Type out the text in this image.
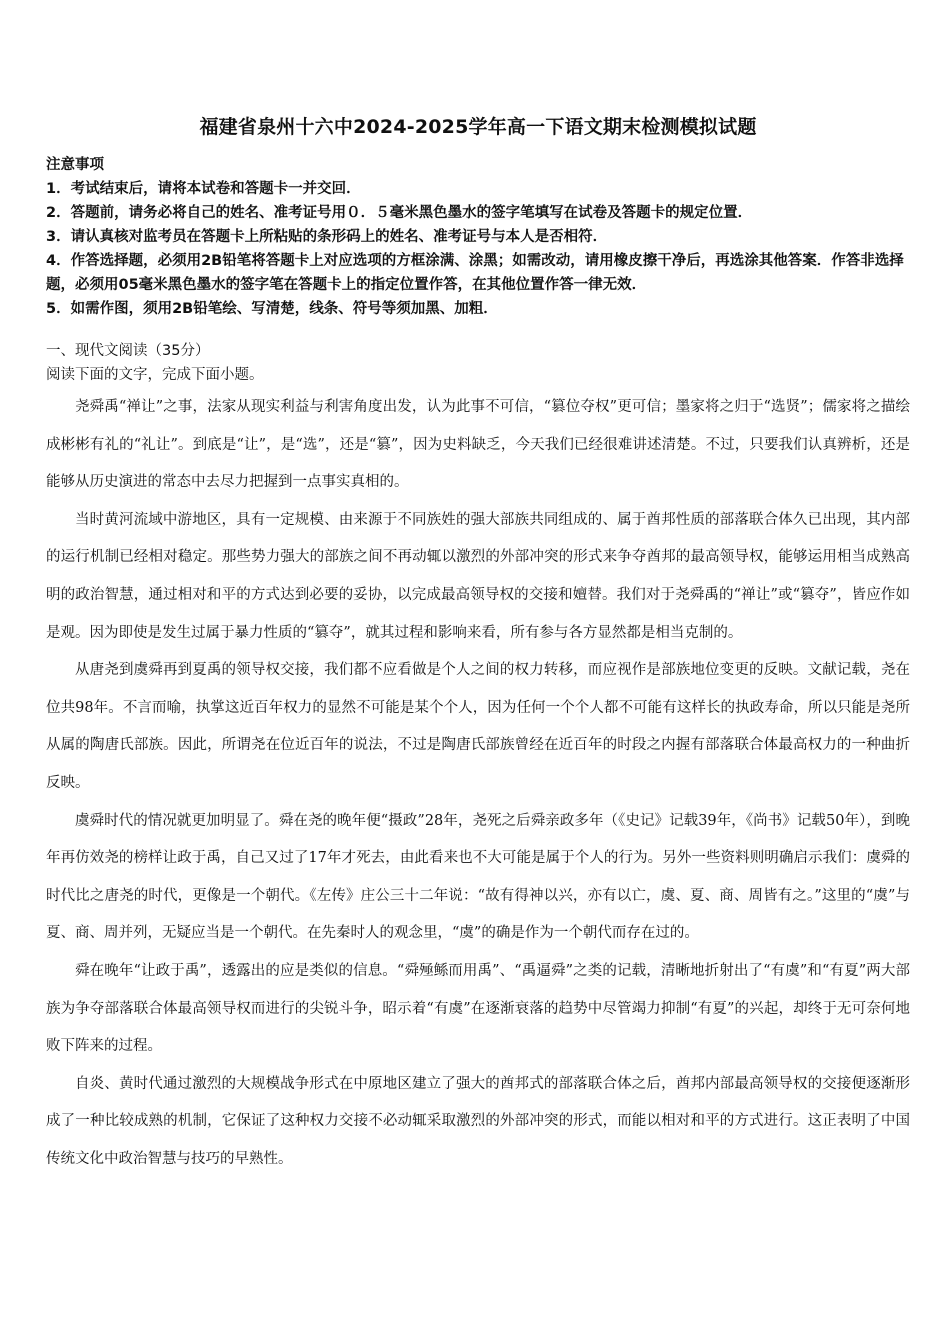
福建省泉州十六中2024-2025学年高一下语文期末检测模拟试题
注意事项
1．考试结束后，请将本试卷和答题卡一并交回．
2．答题前，请务必将自己的姓名、准考证号用０．５毫米黑色墨水的签字笔填写在试卷及答题卡的规定位置．
3．请认真核对监考员在答题卡上所粘贴的条形码上的姓名、准考证号与本人是否相符．
4．作答选择题，必须用2B铅笔将答题卡上对应选项的方框涂满、涂黑；如需改动，请用橡皮擦干净后，再选涂其他答案．作答非选择题，必须用05毫米黑色墨水的签字笔在答题卡上的指定位置作答，在其他位置作答一律无效．
5．如需作图，须用2B铅笔绘、写清楚，线条、符号等须加黑、加粗．
一、现代文阅读（35分）
阅读下面的文字，完成下面小题。

尧舜禹“禅让”之事，法家从现实利益与利害角度出发，认为此事不可信，“篡位夺权”更可信；墨家将之归于“选贤”；儒家将之描绘成彬彬有礼的“礼让”。到底是“让”，是“选”，还是“篡”，因为史料缺乏，今天我们已经很难讲述清楚。不过，只要我们认真辨析，还是能够从历史演进的常态中去尽力把握到一点事实真相的。

当时黄河流域中游地区，具有一定规模、由来源于不同族姓的强大部族共同组成的、属于酋邦性质的部落联合体久已出现，其内部的运行机制已经相对稳定。那些势力强大的部族之间不再动辄以激烈的外部冲突的形式来争夺酋邦的最高领导权，能够运用相当成熟高明的政治智慧，通过相对和平的方式达到必要的妥协，以完成最高领导权的交接和嬗替。我们对于尧舜禹的“禅让”或“篡夺”，皆应作如是观。因为即使是发生过属于暴力性质的“篡夺”，就其过程和影响来看，所有参与各方显然都是相当克制的。

从唐尧到虞舜再到夏禹的领导权交接，我们都不应看做是个人之间的权力转移，而应视作是部族地位变更的反映。文献记载，尧在位共98年。不言而喻，执掌这近百年权力的显然不可能是某个个人，因为任何一个个人都不可能有这样长的执政寿命，所以只能是尧所从属的陶唐氏部族。因此，所谓尧在位近百年的说法，不过是陶唐氏部族曾经在近百年的时段之内握有部落联合体最高权力的一种曲折反映。

虞舜时代的情况就更加明显了。舜在尧的晚年便“摄政”28年，尧死之后舜亲政多年（《史记》记载39年，《尚书》记载50年），到晚年再仿效尧的榜样让政于禹，自己又过了17年才死去，由此看来也不大可能是属于个人的行为。另外一些资料则明确启示我们：虞舜的时代比之唐尧的时代，更像是一个朝代。《左传》庄公三十二年说：“故有得神以兴，亦有以亡，虞、夏、商、周皆有之。”这里的“虞”与夏、商、周并列，无疑应当是一个朝代。在先秦时人的观念里，“虞”的确是作为一个朝代而存在过的。

舜在晚年“让政于禹”，透露出的应是类似的信息。“舜殛鲧而用禹”、“禹逼舜”之类的记载，清晰地折射出了“有虞”和“有夏”两大部族为争夺部落联合体最高领导权而进行的尖锐斗争，昭示着“有虞”在逐渐衰落的趋势中尽管竭力抑制“有夏”的兴起，却终于无可奈何地败下阵来的过程。

自炎、黄时代通过激烈的大规模战争形式在中原地区建立了强大的酋邦式的部落联合体之后，酋邦内部最高领导权的交接便逐渐形成了一种比较成熟的机制，它保证了这种权力交接不必动辄采取激烈的外部冲突的形式，而能以相对和平的方式进行。这正表明了中国传统文化中政治智慧与技巧的早熟性。
